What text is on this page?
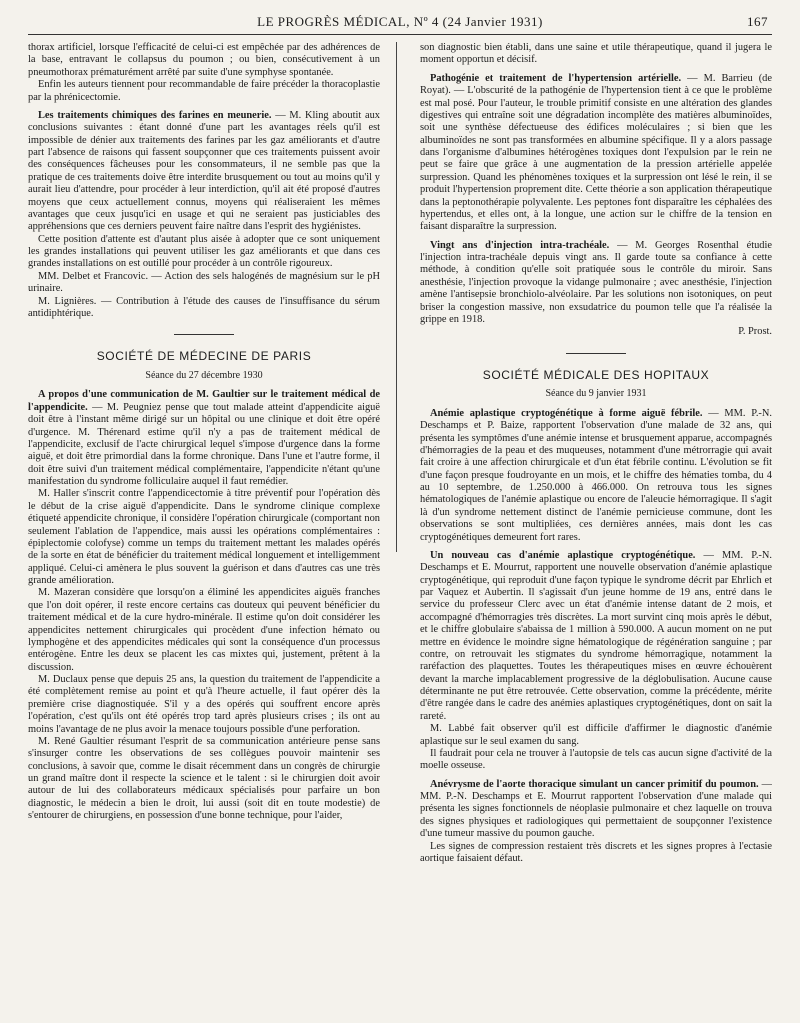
LE PROGRÈS MÉDICAL, Nº 4 (24 Janvier 1931)	167

thorax artificiel, lorsque l'efficacité de celui-ci est empêchée par des adhérences de la base, entravant le collapsus du poumon ; ou bien, consécutivement à un pneumothorax prématurément arrêté par suite d'une symphyse spontanée.

Enfin les auteurs tiennent pour recommandable de faire précéder la thoracoplastie par la phrénicectomie.

Les traitements chimiques des farines en meunerie. — M. Kling aboutit aux conclusions suivantes : étant donné d'une part les avantages réels qu'il est impossible de dénier aux traitements des farines par les gaz améliorants et d'autre part l'absence de raisons qui fassent soupçonner que ces traitements puissent avoir des conséquences fâcheuses pour les consommateurs, il ne semble pas que la pratique de ces traitements doive être interdite brusquement ou tout au moins qu'il y aurait lieu d'attendre, pour procéder à leur interdiction, qu'il ait été proposé d'autres moyens que ceux actuellement connus, moyens qui réaliseraient les mêmes avantages que ceux jusqu'ici en usage et qui ne seraient pas justiciables des appréhensions que ces derniers peuvent faire naître dans l'esprit des hygiénistes.

Cette position d'attente est d'autant plus aisée à adopter que ce sont uniquement les grandes installations qui peuvent utiliser les gaz améliorants et que dans ces grandes installations on est outillé pour procéder à un contrôle rigoureux.

MM. Delbet et Francovic. — Action des sels halogénés de magnésium sur le pH urinaire.

M. Lignières. — Contribution à l'étude des causes de l'insuffisance du sérum antidiphtérique.

SOCIÉTÉ DE MÉDECINE DE PARIS
Séance du 27 décembre 1930

A propos d'une communication de M. Gaultier sur le traitement médical de l'appendicite. — M. Peugniez pense que tout malade atteint d'appendicite aiguë doit être à l'instant même dirigé sur un hôpital ou une clinique et doit être opéré d'urgence. M. Thérenard estime qu'il n'y a pas de traitement médical de l'appendicite, exclusif de l'acte chirurgical lequel s'impose d'urgence dans la forme aiguë, et doit être primordial dans la forme chronique. Dans l'une et l'autre forme, il doit être suivi d'un traitement médical complémentaire, l'appendicite n'étant qu'une manifestation du syndrome folliculaire auquel il faut remédier.

M. Haller s'inscrit contre l'appendicectomie à titre préventif pour l'opération dès le début de la crise aiguë d'appendicite. Dans le syndrome clinique complexe étiqueté appendicite chronique, il considère l'opération chirurgicale (comportant non seulement l'ablation de l'appendice, mais aussi les opérations complémentaires : épiplectomie colofyse) comme un temps du traitement mettant les malades opérés de la sorte en état de bénéficier du traitement médical longuement et intelligemment appliqué. Celui-ci amènera le plus souvent la guérison et dans d'autres cas une très grande amélioration.

M. Mazeran considère que lorsqu'on a éliminé les appendicites aiguës franches que l'on doit opérer, il reste encore certains cas douteux qui peuvent bénéficier du traitement médical et de la cure hydro-minérale. Il estime qu'on doit considérer les appendicites nettement chirurgicales qui procèdent d'une infection hémato ou lymphogène et des appendicites médicales qui sont la conséquence d'un processus entérogène. Entre les deux se placent les cas mixtes qui, justement, prêtent à la discussion.

M. Duclaux pense que depuis 25 ans, la question du traitement de l'appendicite a été complètement remise au point et qu'à l'heure actuelle, il faut opérer dès la première crise diagnostiquée. S'il y a des opérés qui souffrent encore après l'opération, c'est qu'ils ont été opérés trop tard après plusieurs crises ; ils ont au moins l'avantage de ne plus avoir la menace toujours possible d'une perforation.

M. René Gaultier résumant l'esprit de sa communication antérieure pense sans s'insurger contre les observations de ses collègues pouvoir maintenir ses conclusions, à savoir que, comme le disait récemment dans un congrès de chirurgie un grand maître dont il respecte la science et le talent : si le chirurgien doit avoir autour de lui des collaborateurs médicaux spécialisés pour parfaire un bon diagnostic, le médecin a bien le droit, lui aussi (soit dit en toute modestie) de s'entourer de chirurgiens, en possession d'une bonne technique, pour l'aider,

son diagnostic bien établi, dans une saine et utile thérapeutique, quand il jugera le moment opportun et décisif.

Pathogénie et traitement de l'hypertension artérielle. — M. Barrieu (de Royat). — L'obscurité de la pathogénie de l'hypertension tient à ce que le problème est mal posé. Pour l'auteur, le trouble primitif consiste en une altération des glandes digestives qui entraîne soit une dégradation incomplète des matières albuminoïdes, soit une synthèse défectueuse des édifices moléculaires ; si bien que les albuminoïdes ne sont pas transformées en albumine spécifique. Il y a alors passage dans l'organisme d'albumines hétérogènes toxiques dont l'expulsion par le rein ne peut se faire que grâce à une augmentation de la pression artérielle appelée surpression. Quand les phénomènes toxiques et la surpression ont lésé le rein, il se produit l'hypertension proprement dite. Cette théorie a son application thérapeutique dans la peptonothérapie polyvalente. Les peptones font disparaître les céphalées des hypertendus, et elles ont, à la longue, une action sur le chiffre de la tension en faisant disparaître la surpression.

Vingt ans d'injection intra-trachéale. — M. Georges Rosenthal étudie l'injection intra-trachéale depuis vingt ans. Il garde toute sa confiance à cette méthode, à condition qu'elle soit pratiquée sous le contrôle du miroir. Sans anesthésie, l'injection provoque la vidange pulmonaire ; avec anesthésie, l'injection amène l'antisepsie bronchiolo-alvéolaire. Par les solutions non isotoniques, on peut briser la congestion massive, non exsudatrice du poumon telle que l'a réalisée la grippe en 1918.

P. Prost.

SOCIÉTÉ MÉDICALE DES HOPITAUX
Séance du 9 janvier 1931

Anémie aplastique cryptogénétique à forme aiguë fébrile. — MM. P.-N. Deschamps et P. Baize, rapportent l'observation d'une malade de 32 ans, qui présenta les symptômes d'une anémie intense et brusquement apparue, accompagnés d'hémorragies de la peau et des muqueuses, notamment d'une métrorragie qui avait fait croire à une affection chirurgicale et d'un état fébrile continu. L'évolution se fit d'une façon presque foudroyante en un mois, et le chiffre des hématies tomba, du 4 au 10 septembre, de 1.250.000 à 466.000. On retrouva tous les signes hématologiques de l'anémie aplastique ou encore de l'aleucie hémorragique. Il s'agit là d'un syndrome nettement distinct de l'anémie pernicieuse commune, dont les observations se sont multipliées, ces dernières années, mais dont les cas cryptogénétiques demeurent fort rares.

Un nouveau cas d'anémie aplastique cryptogénétique. — MM. P.-N. Deschamps et E. Mourrut, rapportent une nouvelle observation d'anémie aplastique cryptogénétique, qui reproduit d'une façon typique le syndrome décrit par Ehrlich et par Vaquez et Aubertin. Il s'agissait d'un jeune homme de 19 ans, entré dans le service du professeur Clerc avec un état d'anémie intense datant de 2 mois, et accompagné d'hémorragies très discrètes. La mort survint cinq mois après le début, et le chiffre globulaire s'abaissa de 1 million à 590.000. A aucun moment on ne put mettre en évidence le moindre signe hématologique de régénération sanguine ; par contre, on retrouvait les stigmates du syndrome hémorragique, notamment la raréfaction des plaquettes. Toutes les thérapeutiques mises en œuvre échouèrent devant la marche implacablement progressive de la déglobulisation. Aucune cause déterminante ne put être retrouvée. Cette observation, comme la précédente, mérite d'être rangée dans le cadre des anémies aplastiques cryptogénétiques, dont on sait la rareté.

M. Labbé fait observer qu'il est difficile d'affirmer le diagnostic d'anémie aplastique sur le seul examen du sang.

Il faudrait pour cela ne trouver à l'autopsie de tels cas aucun signe d'activité de la moelle osseuse.

Anévrysme de l'aorte thoracique simulant un cancer primitif du poumon. — MM. P.-N. Deschamps et E. Mourrut rapportent l'observation d'une malade qui présenta les signes fonctionnels de néoplasie pulmonaire et chez laquelle on trouva des signes physiques et radiologiques qui permettaient de soupçonner l'existence d'une tumeur massive du poumon gauche.

Les signes de compression restaient très discrets et les signes propres à l'ectasie aortique faisaient défaut.
